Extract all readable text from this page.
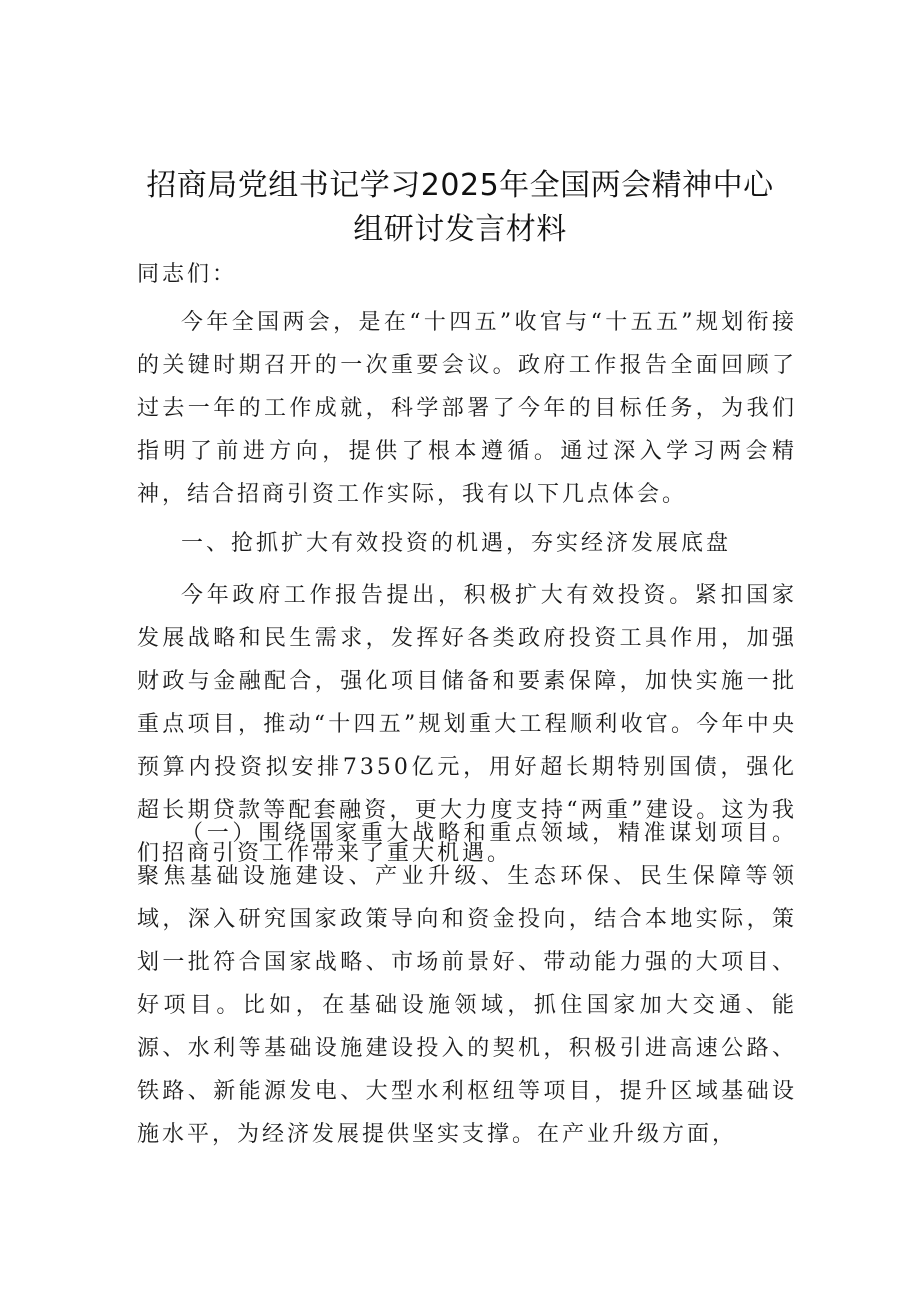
招商局党组书记学习2025年全国两会精神中心
组研讨发言材料
同志们：
今年全国两会，是在“十四五”收官与“十五五”规划衔接的关键时期召开的一次重要会议。政府工作报告全面回顾了过去一年的工作成就，科学部署了今年的目标任务，为我们指明了前进方向，提供了根本遵循。通过深入学习两会精神，结合招商引资工作实际，我有以下几点体会。
一、抢抓扩大有效投资的机遇，夯实经济发展底盘
今年政府工作报告提出，积极扩大有效投资。紧扣国家发展战略和民生需求，发挥好各类政府投资工具作用，加强财政与金融配合，强化项目储备和要素保障，加快实施一批重点项目，推动“十四五”规划重大工程顺利收官。今年中央预算内投资拟安排7350亿元，用好超长期特别国债，强化超长期贷款等配套融资，更大力度支持“两重”建设。这为我们招商引资工作带来了重大机遇。
（一）围绕国家重大战略和重点领域，精准谋划项目。聚焦基础设施建设、产业升级、生态环保、民生保障等领域，深入研究国家政策导向和资金投向，结合本地实际，策划一批符合国家战略、市场前景好、带动能力强的大项目、好项目。比如，在基础设施领域，抓住国家加大交通、能源、水利等基础设施建设投入的契机，积极引进高速公路、铁路、新能源发电、大型水利枢纽等项目，提升区域基础设施水平，为经济发展提供坚实支撑。在产业升级方面，
